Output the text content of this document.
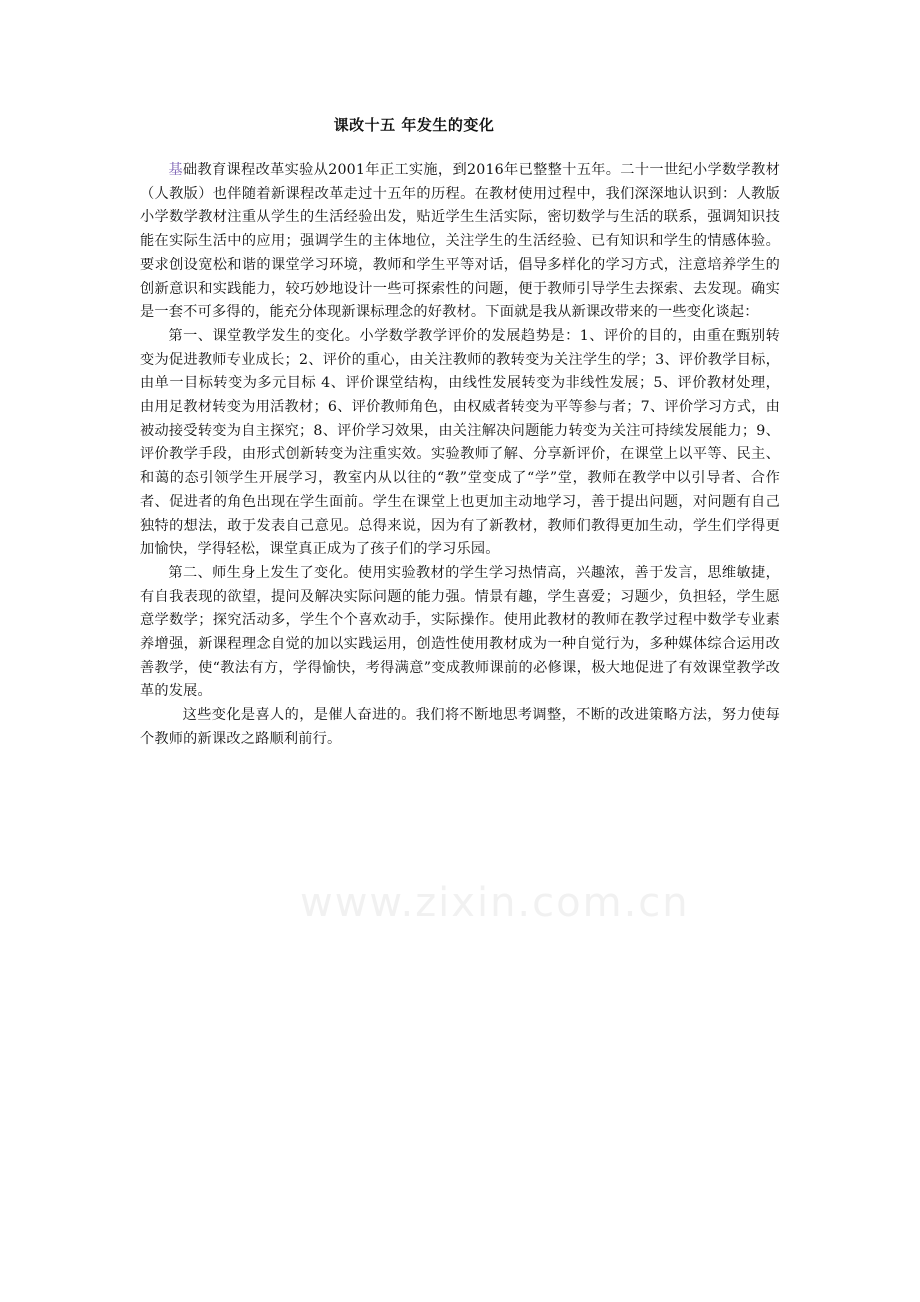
课改十五 年发生的变化

基础教育课程改革实验从2001年正工实施，到2016年已整整十五年。二十一世纪小学数学教材（人教版）也伴随着新课程改革走过十五年的历程。在教材使用过程中，我们深深地认识到：人教版小学数学教材注重从学生的生活经验出发，贴近学生生活实际，密切数学与生活的联系，强调知识技能在实际生活中的应用；强调学生的主体地位，关注学生的生活经验、已有知识和学生的情感体验。要求创设宽松和谐的课堂学习环境，教师和学生平等对话，倡导多样化的学习方式，注意培养学生的创新意识和实践能力，较巧妙地设计一些可探索性的问题，便于教师引导学生去探索、去发现。确实是一套不可多得的，能充分体现新课标理念的好教材。下面就是我从新课改带来的一些变化谈起：

第一、课堂教学发生的变化。小学数学教学评价的发展趋势是：1、评价的目的，由重在甄别转变为促进教师专业成长；2、评价的重心，由关注教师的教转变为关注学生的学；3、评价教学目标，由单一目标转变为多元目标 4、评价课堂结构，由线性发展转变为非线性发展；5、评价教材处理，由用足教材转变为用活教材；6、评价教师角色，由权威者转变为平等参与者；7、评价学习方式，由被动接受转变为自主探究；8、评价学习效果，由关注解决问题能力转变为关注可持续发展能力；9、评价教学手段，由形式创新转变为注重实效。实验教师了解、分享新评价，在课堂上以平等、民主、和蔼的态引领学生开展学习，教室内从以往的“教”堂变成了“学”堂，教师在教学中以引导者、合作者、促进者的角色出现在学生面前。学生在课堂上也更加主动地学习，善于提出问题，对问题有自己独特的想法，敢于发表自己意见。总得来说，因为有了新教材，教师们教得更加生动，学生们学得更加愉快，学得轻松，课堂真正成为了孩子们的学习乐园。

第二、师生身上发生了变化。使用实验教材的学生学习热情高，兴趣浓，善于发言，思维敏捷，有自我表现的欲望，提问及解决实际问题的能力强。情景有趣，学生喜爱；习题少，负担轻，学生愿意学数学；探究活动多，学生个个喜欢动手，实际操作。使用此教材的教师在教学过程中数学专业素养增强，新课程理念自觉的加以实践运用，创造性使用教材成为一种自觉行为，多种媒体综合运用改善教学，使“教法有方，学得愉快，考得满意”变成教师课前的必修课，极大地促进了有效课堂教学改革的发展。

这些变化是喜人的，是催人奋进的。我们将不断地思考调整，不断的改进策略方法，努力使每个教师的新课改之路顺利前行。

www.zixin.com.cn
